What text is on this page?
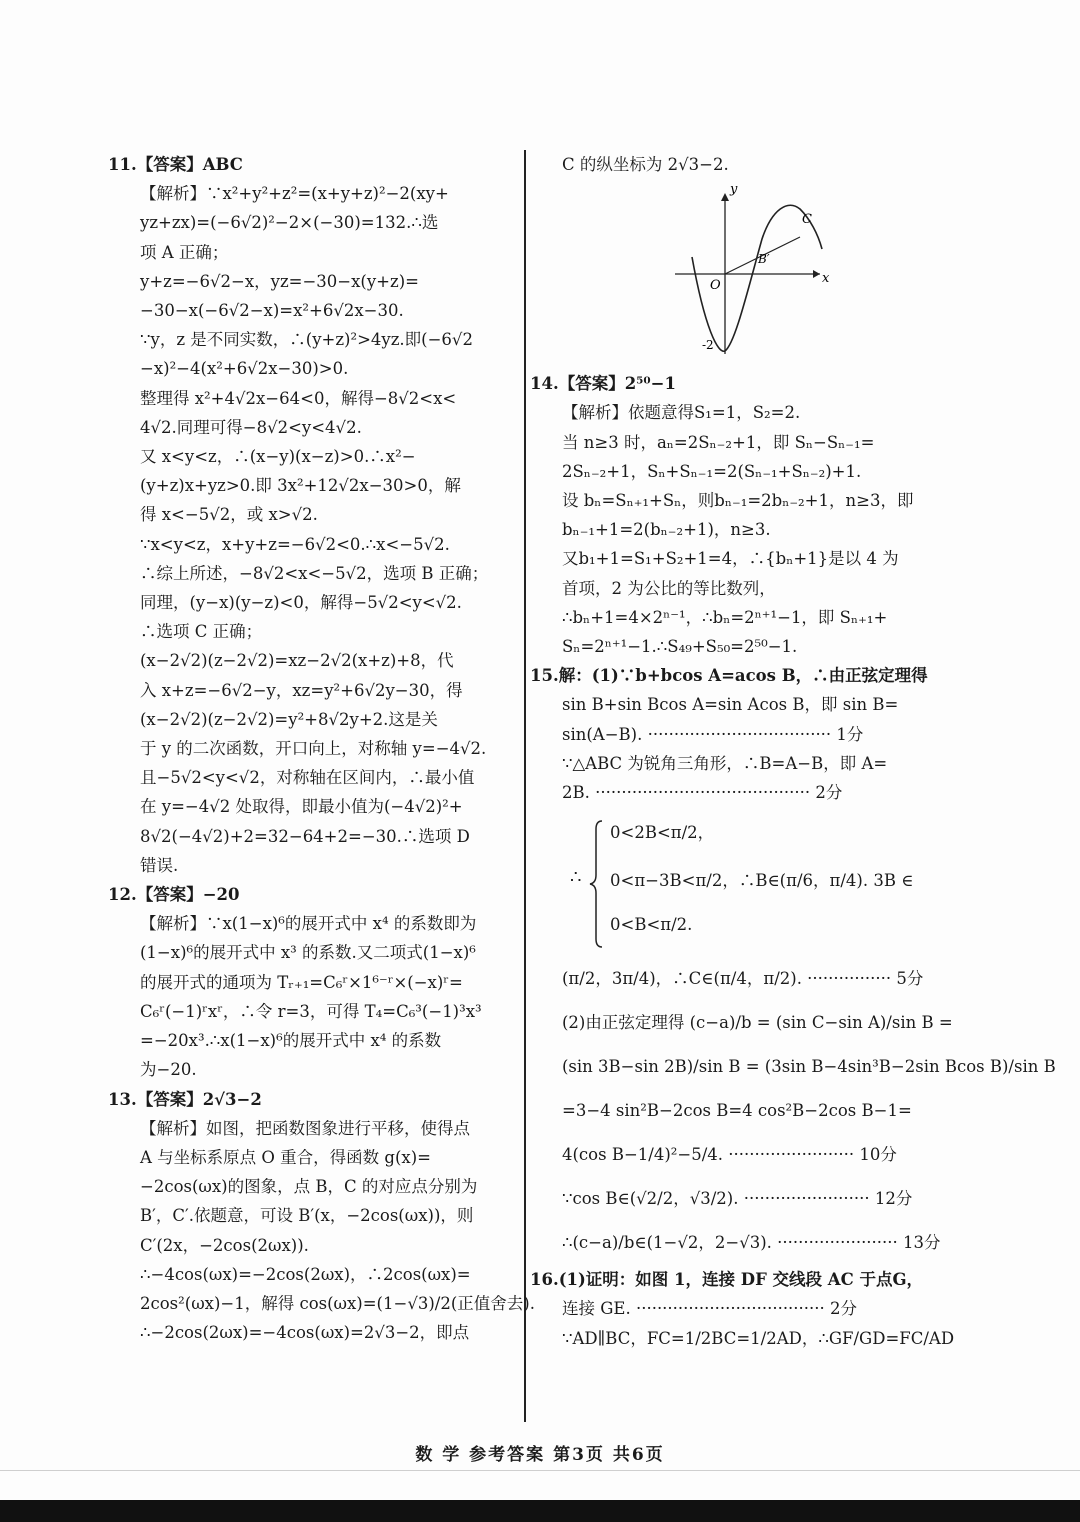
11.【答案】ABC
【解析】∵x²+y²+z²=(x+y+z)²−2(xy+
yz+zx)=(−6√2)²−2×(−30)=132.∴选
项 A 正确；
y+z=−6√2−x，yz=−30−x(y+z)=
−30−x(−6√2−x)=x²+6√2x−30.
∵y，z 是不同实数，∴(y+z)²>4yz.即(−6√2
−x)²−4(x²+6√2x−30)>0.
整理得 x²+4√2x−64<0，解得−8√2<x<
4√2.同理可得−8√2<y<4√2.
又 x<y<z，∴(x−y)(x−z)>0.∴x²−
(y+z)x+yz>0.即 3x²+12√2x−30>0，解
得 x<−5√2，或 x>√2.
∵x<y<z，x+y+z=−6√2<0.∴x<−5√2.
∴综上所述，−8√2<x<−5√2，选项 B 正确；
同理，(y−x)(y−z)<0，解得−5√2<y<√2.
∴选项 C 正确；
(x−2√2)(z−2√2)=xz−2√2(x+z)+8，代
入 x+z=−6√2−y，xz=y²+6√2y−30，得
(x−2√2)(z−2√2)=y²+8√2y+2.这是关
于 y 的二次函数，开口向上，对称轴 y=−4√2.
且−5√2<y<√2，对称轴在区间内，∴最小值
在 y=−4√2 处取得，即最小值为(−4√2)²+
8√2(−4√2)+2=32−64+2=−30.∴选项 D
错误.
12.【答案】−20
【解析】∵x(1−x)⁶的展开式中 x⁴ 的系数即为
(1−x)⁶的展开式中 x³ 的系数.又二项式(1−x)⁶
的展开式的通项为 Tᵣ₊₁=C₆ʳ×1⁶⁻ʳ×(−x)ʳ=
C₆ʳ(−1)ʳxʳ，∴令 r=3，可得 T₄=C₆³(−1)³x³
=−20x³.∴x(1−x)⁶的展开式中 x⁴ 的系数
为−20.
13.【答案】2√3−2
【解析】如图，把函数图象进行平移，使得点
A 与坐标系原点 O 重合，得函数 g(x)=
−2cos(ωx)的图象，点 B，C 的对应点分别为
B′，C′.依题意，可设 B′(x，−2cos(ωx))，则
C′(2x，−2cos(2ωx)).
∴−4cos(ωx)=−2cos(2ωx)，∴2cos(ωx)=
2cos²(ωx)−1，解得 cos(ωx)=(1−√3)/2(正值舍去).
∴−2cos(2ωx)=−4cos(ωx)=2√3−2，即点
C 的纵坐标为 2√3−2.
y
x
O
B′
C
-2
14.【答案】2⁵⁰−1
【解析】依题意得S₁=1，S₂=2.
当 n≥3 时，aₙ=2Sₙ₋₂+1，即 Sₙ−Sₙ₋₁=
2Sₙ₋₂+1，Sₙ+Sₙ₋₁=2(Sₙ₋₁+Sₙ₋₂)+1.
设 bₙ=Sₙ₊₁+Sₙ，则bₙ₋₁=2bₙ₋₂+1，n≥3，即
bₙ₋₁+1=2(bₙ₋₂+1)，n≥3.
又b₁+1=S₁+S₂+1=4，∴{bₙ+1}是以 4 为
首项，2 为公比的等比数列，
∴bₙ+1=4×2ⁿ⁻¹，∴bₙ=2ⁿ⁺¹−1，即 Sₙ₊₁+
Sₙ=2ⁿ⁺¹−1.∴S₄₉+S₅₀=2⁵⁰−1.
15.解：(1)∵b+bcos A=acos B，∴由正弦定理得
sin B+sin Bcos A=sin Acos B，即 sin B=
sin(A−B). ··································· 1分
∵△ABC 为锐角三角形，∴B=A−B，即 A=
2B. ········································· 2分
∴
0<2B<π/2，
0<π−3B<π/2，∴B∈(π/6，π/4). 3B ∈
0<B<π/2.
(π/2，3π/4)，∴C∈(π/4，π/2). ················ 5分
(2)由正弦定理得 (c−a)/b = (sin C−sin A)/sin B =
(sin 3B−sin 2B)/sin B = (3sin B−4sin³B−2sin Bcos B)/sin B
=3−4 sin²B−2cos B=4 cos²B−2cos B−1=
4(cos B−1/4)²−5/4. ························ 10分
∵cos B∈(√2/2，√3/2). ························ 12分
∴(c−a)/b∈(1−√2，2−√3). ······················· 13分
16.(1)证明：如图 1，连接 DF 交线段 AC 于点G，
连接 GE. ···································· 2分
∵AD∥BC，FC=1/2BC=1/2AD，∴GF/GD=FC/AD
数 学 参考答案 第3页 共6页
